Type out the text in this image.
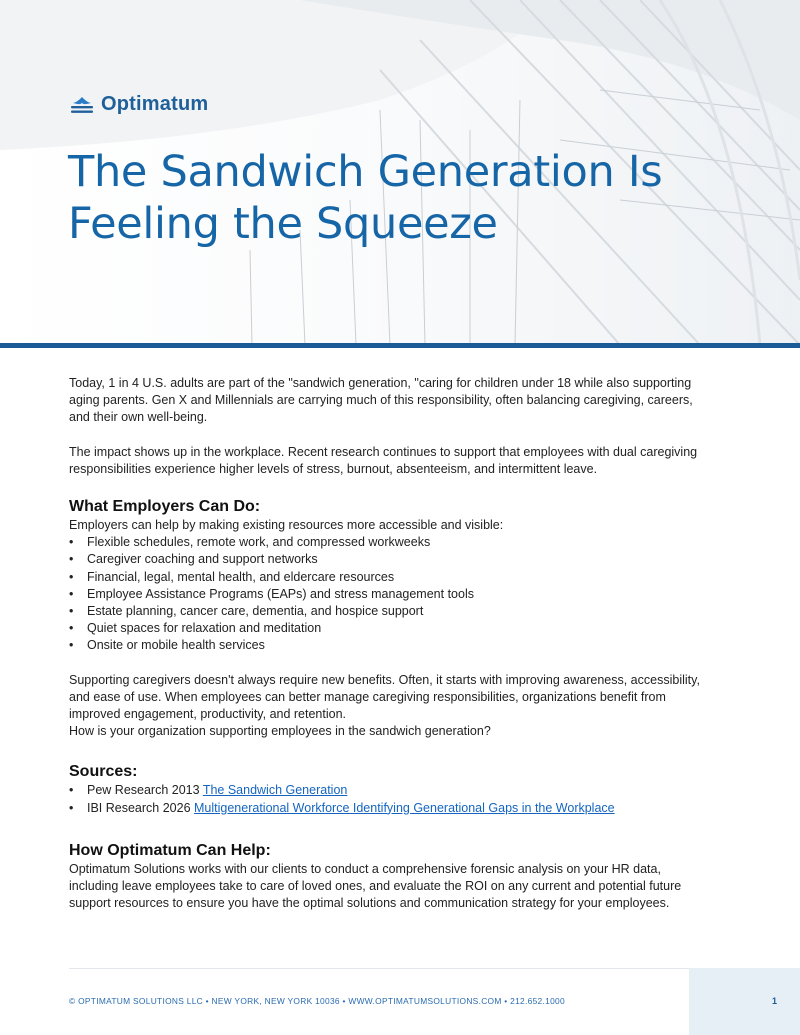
Optimatum
The Sandwich Generation Is
Feeling the Squeeze

Today, 1 in 4 U.S. adults are part of the "sandwich generation, "caring for children under 18 while also supporting aging parents. Gen X and Millennials are carrying much of this responsibility, often balancing caregiving, careers, and their own well-being.

The impact shows up in the workplace. Recent research continues to support that employees with dual caregiving responsibilities experience higher levels of stress, burnout, absenteeism, and intermittent leave.

What Employers Can Do:

Employers can help by making existing resources more accessible and visible:

• Flexible schedules, remote work, and compressed workweeks
• Caregiver coaching and support networks
• Financial, legal, mental health, and eldercare resources
• Employee Assistance Programs (EAPs) and stress management tools
• Estate planning, cancer care, dementia, and hospice support
• Quiet spaces for relaxation and meditation
• Onsite or mobile health services

Supporting caregivers doesn't always require new benefits. Often, it starts with improving awareness, accessibility, and ease of use. When employees can better manage caregiving responsibilities, organizations benefit from improved engagement, productivity, and retention.

How is your organization supporting employees in the sandwich generation?

Sources:
• Pew Research 2013 The Sandwich Generation
• IBI Research 2026 Multigenerational Workforce Identifying Generational Gaps in the Workplace
How Optimatum Can Help:

Optimatum Solutions works with our clients to conduct a comprehensive forensic analysis on your HR data, including leave employees take to care of loved ones, and evaluate the ROI on any current and potential future support resources to ensure you have the optimal solutions and communication strategy for your employees.

© OPTIMATUM SOLUTIONS LLC • NEW YORK, NEW YORK 10036 • WWW.OPTIMATUMSOLUTIONS.COM • 212.652.1000	1
